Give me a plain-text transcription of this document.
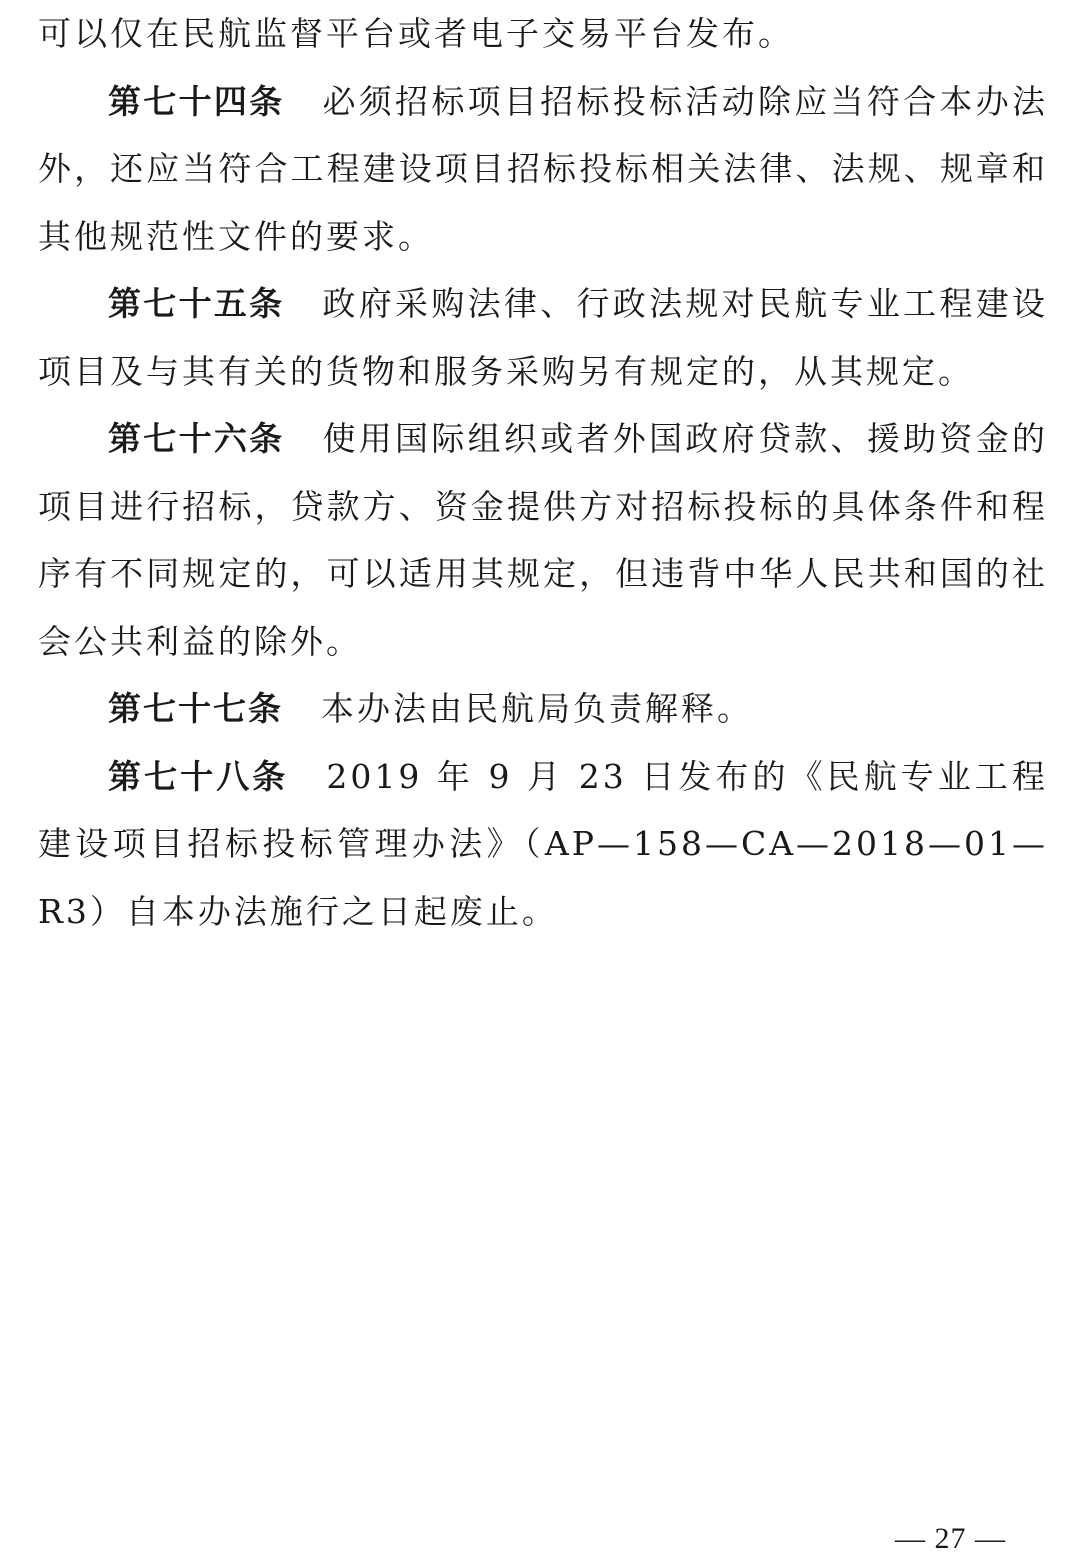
可以仅在民航监督平台或者电子交易平台发布。

第七十四条 必须招标项目招标投标活动除应当符合本办法外，还应当符合工程建设项目招标投标相关法律、法规、规章和其他规范性文件的要求。

第七十五条 政府采购法律、行政法规对民航专业工程建设项目及与其有关的货物和服务采购另有规定的，从其规定。

第七十六条 使用国际组织或者外国政府贷款、援助资金的项目进行招标，贷款方、资金提供方对招标投标的具体条件和程序有不同规定的，可以适用其规定，但违背中华人民共和国的社会公共利益的除外。

第七十七条 本办法由民航局负责解释。

第七十八条 2019 年 9 月 23 日发布的《民航专业工程建设项目招标投标管理办法》（AP—158—CA—2018—01—R3）自本办法施行之日起废止。

— 27 —
